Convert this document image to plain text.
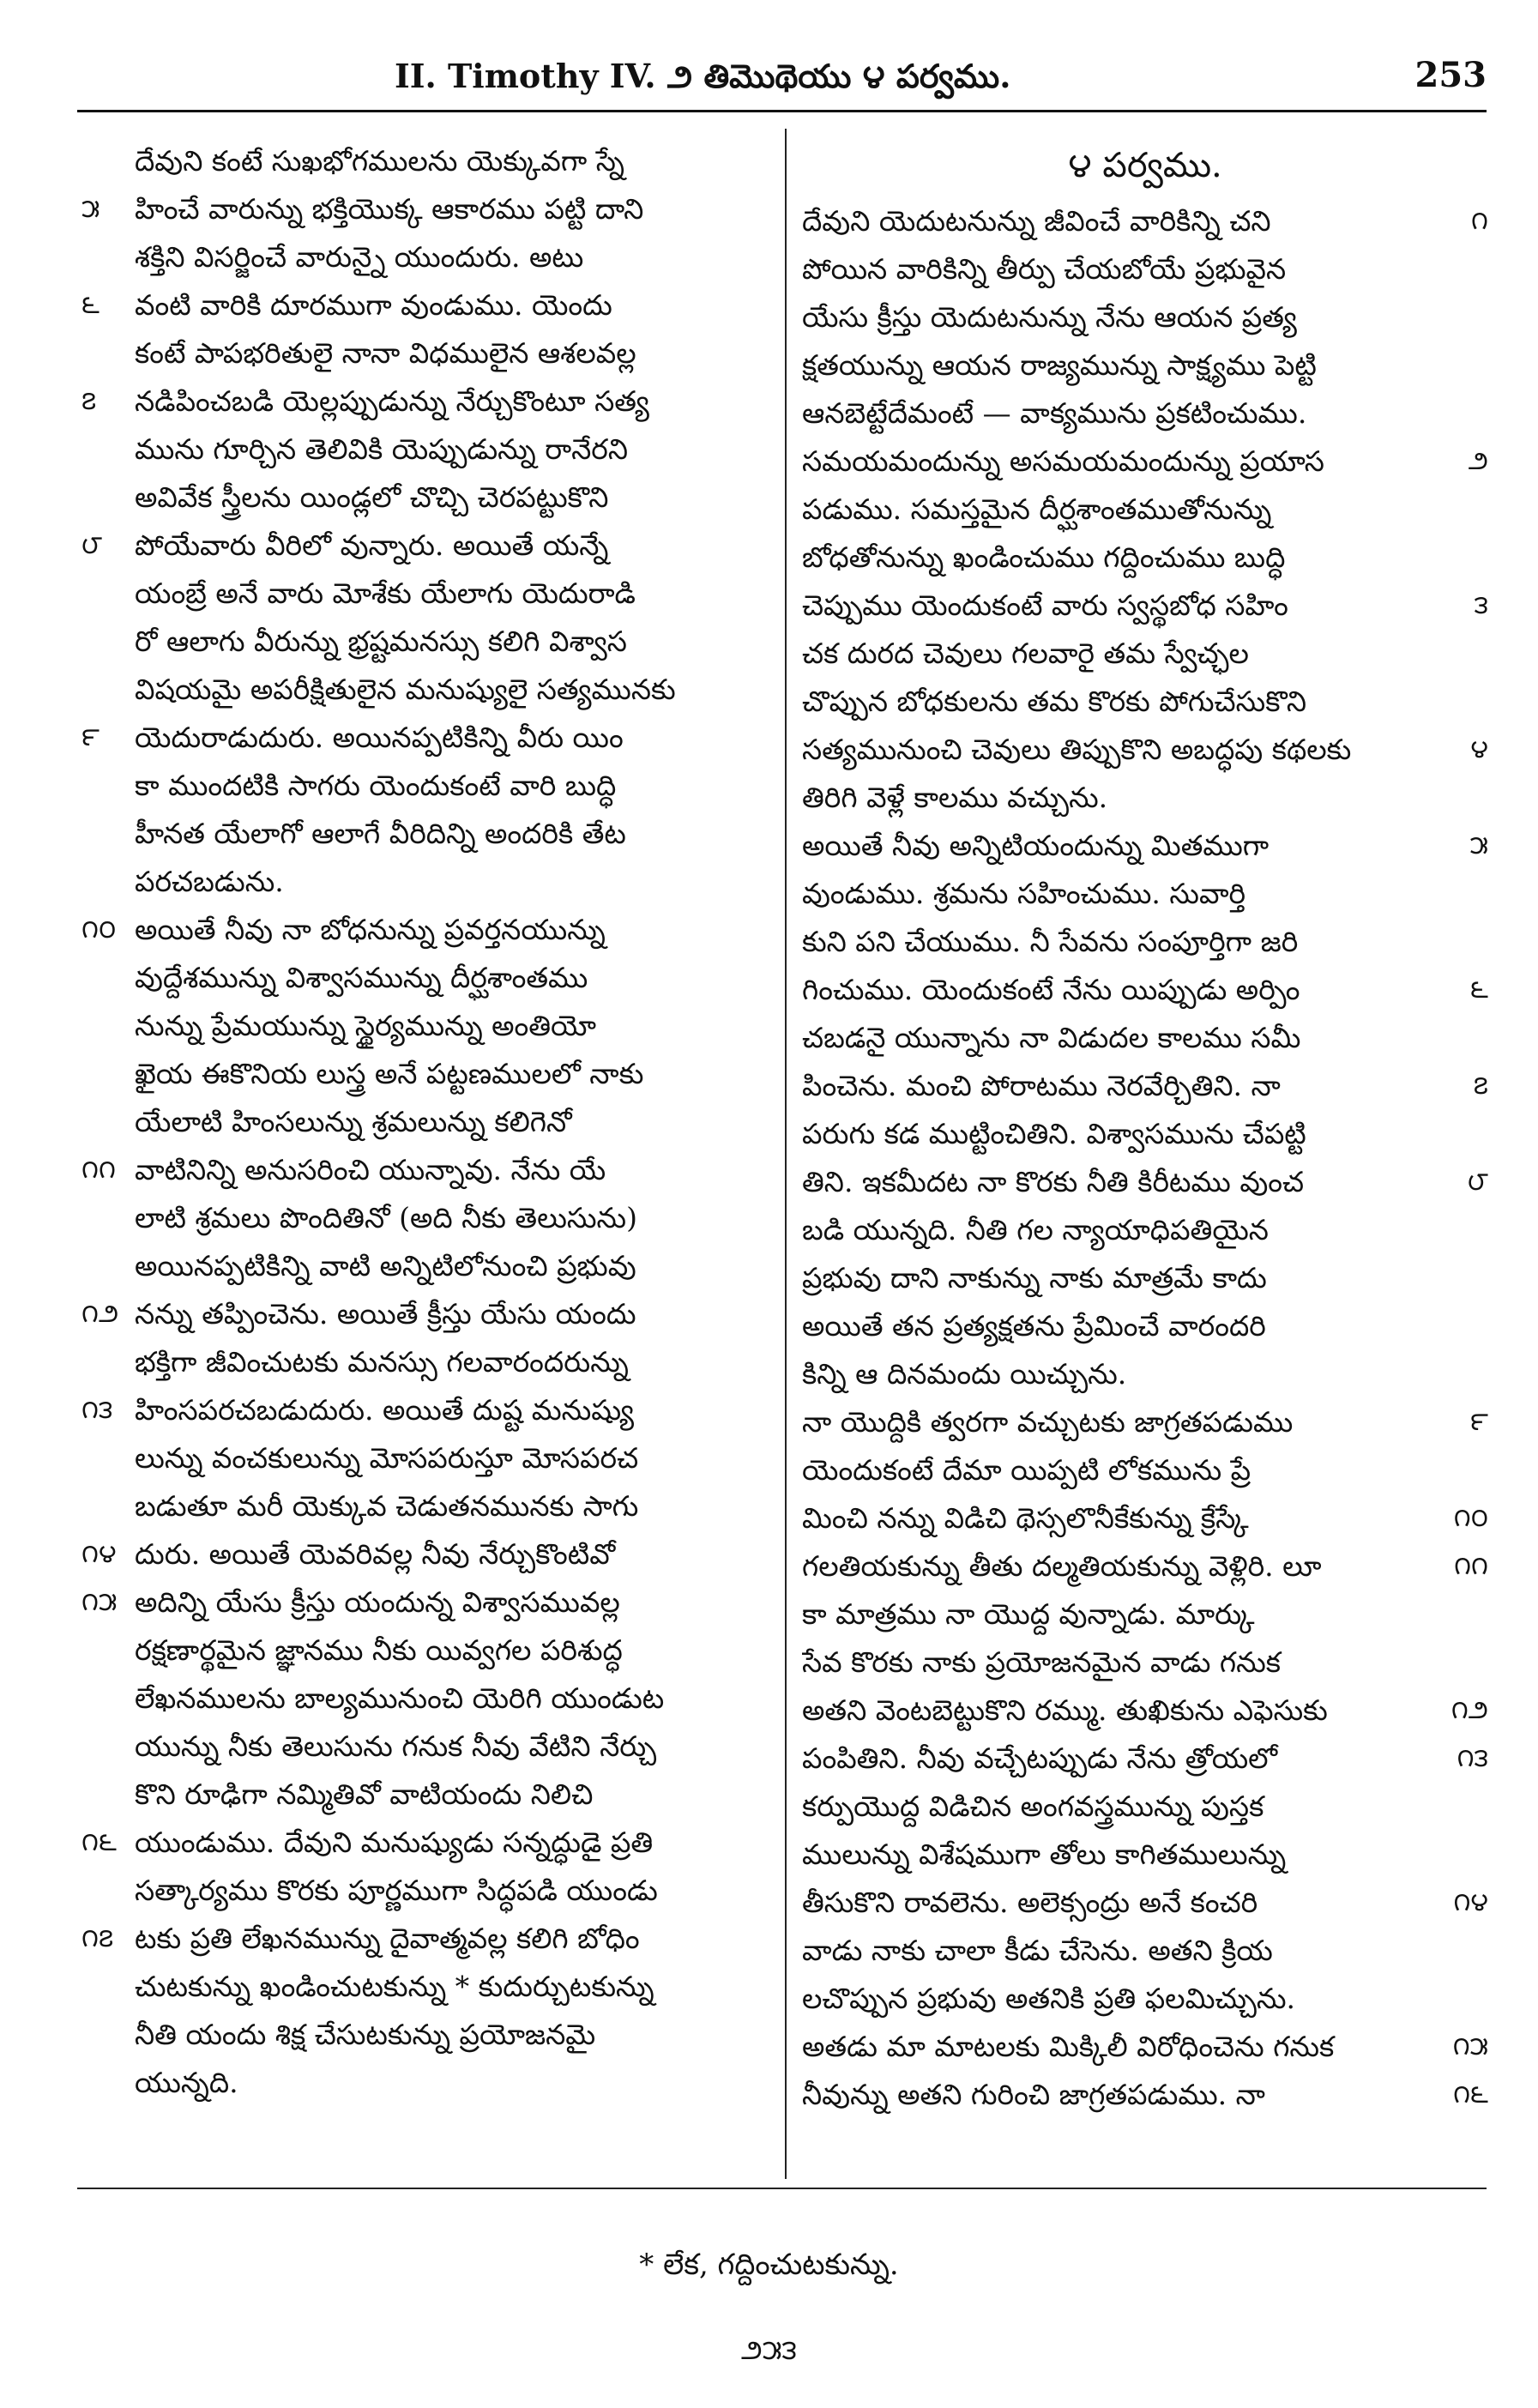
II. Timothy IV. ౨ తిమొథెయు ౪ పర్వము.	253
దేవుని కంటే సుఖభోగములను యెక్కువగా స్నే
౫ హించే వారున్ను భక్తియొక్క ఆకారము పట్టి దాని
శక్తిని విసర్జించే వారున్నై యుందురు. అటు
౬ వంటి వారికి దూరముగా వుండుము. యెందు
కంటే పాపభరితులై నానా విధములైన ఆశలవల్ల
౭ నడిపించబడి యెల్లప్పుడున్ను నేర్చుకొంటూ సత్య
మును గూర్చిన తెలివికి యెప్పుడున్ను రానేరని
అవివేక స్త్రీలను యిండ్లలో చొచ్చి చెరపట్టుకొని
౮ పోయేవారు వీరిలో వున్నారు. అయితే యన్నే
యంబ్రే అనే వారు మోశేకు యేలాగు యెదురాడి
రో ఆలాగు వీరున్ను భ్రష్టమనస్సు కలిగి విశ్వాస
విషయమై అపరీక్షితులైన మనుష్యులై సత్యమునకు
౯ యెదురాడుదురు. అయినప్పటికిన్ని వీరు యిం
కా ముందటికి సాగరు యెందుకంటే వారి బుద్ధి
హీనత యేలాగో ఆలాగే వీరిదిన్ని అందరికి తేట
పరచబడును.
౧౦ అయితే నీవు నా బోధనున్ను ప్రవర్తనయున్ను
వుద్దేశమున్ను విశ్వాసమున్ను దీర్ఘశాంతము
నున్ను ప్రేమయున్ను స్థైర్యమున్ను అంతియో
ఖైయ ఈకొనియ లుస్త్ర అనే పట్టణములలో నాకు
యేలాటి హింసలున్ను శ్రమలున్ను కలిగెనో
౧౧ వాటినిన్ని అనుసరించి యున్నావు. నేను యే
లాటి శ్రమలు పొందితినో (అది నీకు తెలుసును)
అయినప్పటికిన్ని వాటి అన్నిటిలోనుంచి ప్రభువు
౧౨ నన్ను తప్పించెను. అయితే క్రీస్తు యేసు యందు
భక్తిగా జీవించుటకు మనస్సు గలవారందరున్ను
౧౩ హింసపరచబడుదురు. అయితే దుష్ట మనుష్యు
లున్ను వంచకులున్ను మోసపరుస్తూ మోసపరచ
బడుతూ మరీ యెక్కువ చెడుతనమునకు సాగు
౧౪ దురు. అయితే యెవరివల్ల నీవు నేర్చుకొంటివో
౧౫ అదిన్ని యేసు క్రీస్తు యందున్న విశ్వాసమువల్ల
రక్షణార్థమైన జ్ఞానము నీకు యివ్వగల పరిశుద్ధ
లేఖనములను బాల్యమునుంచి యెరిగి యుండుట
యున్ను నీకు తెలుసును గనుక నీవు వేటిని నేర్చు
కొని రూఢిగా నమ్మితివో వాటియందు నిలిచి
౧౬ యుండుము. దేవుని మనుష్యుడు సన్నద్ధుడై ప్రతి
సత్కార్యము కొరకు పూర్ణముగా సిద్ధపడి యుండు
౧౭ టకు ప్రతి లేఖనమున్ను దైవాత్మవల్ల కలిగి బోధిం
చుటకున్ను ఖండించుటకున్ను * కుదుర్చుటకున్ను
నీతి యందు శిక్ష చేసుటకున్ను ప్రయోజనమై
యున్నది.
౪ పర్వము.
౧
దేవుని యెదుటనున్ను జీవించే వారికిన్ని చని
పోయిన వారికిన్ని తీర్పు చేయబోయే ప్రభువైన
యేసు క్రీస్తు యెదుటనున్ను నేను ఆయన ప్రత్య
క్షతయున్ను ఆయన రాజ్యమున్ను సాక్ష్యము పెట్టి
ఆనబెట్టేదేమంటే — వాక్యమును ప్రకటించుము.
౨
సమయమందున్ను అసమయమందున్ను ప్రయాస
పడుము. సమస్తమైన దీర్ఘశాంతముతోనున్ను
బోధతోనున్ను ఖండించుము గద్దించుము బుద్ధి
౩
చెప్పుము యెందుకంటే వారు స్వస్థబోధ సహిం
చక దురద చెవులు గలవారై తమ స్వేచ్ఛల
చొప్పున బోధకులను తమ కొరకు పోగుచేసుకొని
౪
సత్యమునుంచి చెవులు తిప్పుకొని అబద్ధపు కథలకు
తిరిగి వెళ్లే కాలము వచ్చును.
౫
అయితే నీవు అన్నిటియందున్ను మితముగా
వుండుము. శ్రమను సహించుము. సువార్తి
కుని పని చేయుము. నీ సేవను సంపూర్తిగా జరి
౬
గించుము. యెందుకంటే నేను యిప్పుడు అర్పిం
చబడనై యున్నాను నా విడుదల కాలము సమీ
౭
పించెను. మంచి పోరాటము నెరవేర్చితిని. నా
పరుగు కడ ముట్టించితిని. విశ్వాసమును చేపట్టి
౮
తిని. ఇకమీదట నా కొరకు నీతి కిరీటము వుంచ
బడి యున్నది. నీతి గల న్యాయాధిపతియైన
ప్రభువు దాని నాకున్ను నాకు మాత్రమే కాదు
అయితే తన ప్రత్యక్షతను ప్రేమించే వారందరి
కిన్ని ఆ దినమందు యిచ్చును.
౯
నా యొద్దికి త్వరగా వచ్చుటకు జాగ్రతపడుము
యెందుకంటే దేమా యిప్పటి లోకమును ప్రే
౧౦
మించి నన్ను విడిచి థెస్సలొనీకేకున్ను క్రేస్కే
౧౧
గలతియకున్ను తీతు దల్మతియకున్ను వెళ్లిరి. లూ
కా మాత్రము నా యొద్ద వున్నాడు. మార్కు
సేవ కొరకు నాకు ప్రయోజనమైన వాడు గనుక
౧౨
అతని వెంటబెట్టుకొని రమ్ము. తుఖికును ఎఫెసుకు
౧౩
పంపితిని. నీవు వచ్చేటప్పుడు నేను త్రోయలో
కర్పుయొద్ద విడిచిన అంగవస్త్రమున్ను పుస్తక
ములున్ను విశేషముగా తోలు కాగితములున్ను
౧౪
తీసుకొని రావలెను. అలెక్సంద్రు అనే కంచరి
వాడు నాకు చాలా కీడు చేసెను. అతని క్రియ
లచొప్పున ప్రభువు అతనికి ప్రతి ఫలమిచ్చును.
౧౫
అతడు మా మాటలకు మిక్కిలీ విరోధించెను గనుక
౧౬
నీవున్ను అతని గురించి జాగ్రతపడుము. నా
* లేక, గద్దించుటకున్ను.
౨౫౩
